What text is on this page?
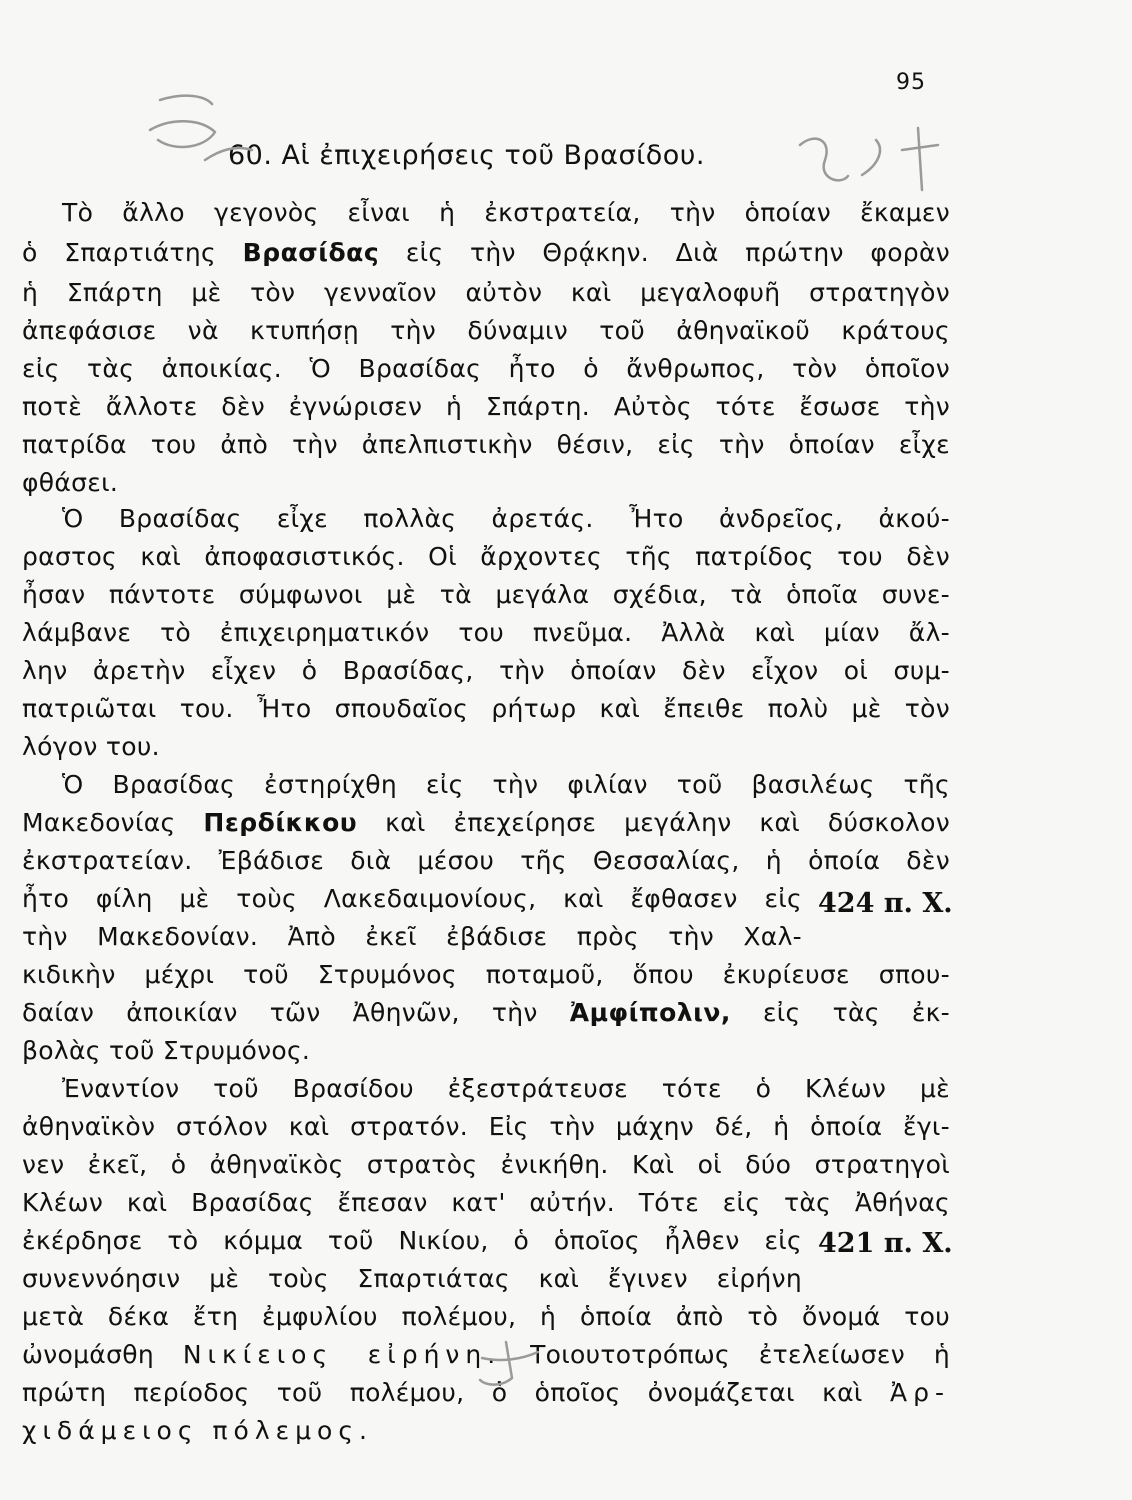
95
60. Αἱ ἐπιχειρήσεις τοῦ Βρασίδου.
Τὸ ἄλλο γεγονὸς εἶναι ἡ ἐκστρατεία, τὴν ὁποίαν ἔκαμεν
ὁ Σπαρτιάτης Βρασίδας εἰς τὴν Θρᾴκην. Διὰ πρώτην φορὰν
ἡ Σπάρτη μὲ τὸν γενναῖον αὐτὸν καὶ μεγαλοφυῆ στρατηγὸν
ἀπεφάσισε νὰ κτυπήσῃ τὴν δύναμιν τοῦ ἀθηναϊκοῦ κράτους
εἰς τὰς ἀποικίας. Ὁ Βρασίδας ἦτο ὁ ἄνθρωπος, τὸν ὁποῖον
ποτὲ ἄλλοτε δὲν ἐγνώρισεν ἡ Σπάρτη. Αὐτὸς τότε ἔσωσε τὴν
πατρίδα του ἀπὸ τὴν ἀπελπιστικὴν θέσιν, εἰς τὴν ὁποίαν εἶχε
φθάσει.
Ὁ Βρασίδας εἶχε πολλὰς ἀρετάς. Ἦτο ἀνδρεῖος, ἀκού-
ραστος καὶ ἀποφασιστικός. Οἱ ἄρχοντες τῆς πατρίδος του δὲν
ἦσαν πάντοτε σύμφωνοι μὲ τὰ μεγάλα σχέδια, τὰ ὁποῖα συνε-
λάμβανε τὸ ἐπιχειρηματικόν του πνεῦμα. Ἀλλὰ καὶ μίαν ἄλ-
λην ἀρετὴν εἶχεν ὁ Βρασίδας, τὴν ὁποίαν δὲν εἶχον οἱ συμ-
πατριῶται του. Ἦτο σπουδαῖος ρήτωρ καὶ ἔπειθε πολὺ μὲ τὸν
λόγον του.
Ὁ Βρασίδας ἐστηρίχθη εἰς τὴν φιλίαν τοῦ βασιλέως τῆς
Μακεδονίας Περδίκκου καὶ ἐπεχείρησε μεγάλην καὶ δύσκολον
ἐκστρατείαν. Ἐβάδισε διὰ μέσου τῆς Θεσσαλίας, ἡ ὁποία δὲν
ἦτο φίλη μὲ τοὺς Λακεδαιμονίους, καὶ ἔφθασεν εἰς
τὴν Μακεδονίαν. Ἀπὸ ἐκεῖ ἐβάδισε πρὸς τὴν Χαλ-
κιδικὴν μέχρι τοῦ Στρυμόνος ποταμοῦ, ὅπου ἐκυρίευσε σπου-
δαίαν ἀποικίαν τῶν Ἀθηνῶν, τὴν Ἀμφίπολιν, εἰς τὰς ἐκ-
βολὰς τοῦ Στρυμόνος.
Ἐναντίον τοῦ Βρασίδου ἐξεστράτευσε τότε ὁ Κλέων μὲ
ἀθηναϊκὸν στόλον καὶ στρατόν. Εἰς τὴν μάχην δέ, ἡ ὁποία ἔγι-
νεν ἐκεῖ, ὁ ἀθηναϊκὸς στρατὸς ἐνικήθη. Καὶ οἱ δύο στρατηγοὶ
Κλέων καὶ Βρασίδας ἔπεσαν κατ' αὐτήν. Τότε εἰς τὰς Ἀθήνας
ἐκέρδησε τὸ κόμμα τοῦ Νικίου, ὁ ὁποῖος ἦλθεν εἰς
συνεννόησιν μὲ τοὺς Σπαρτιάτας καὶ ἔγινεν εἰρήνη
μετὰ δέκα ἔτη ἐμφυλίου πολέμου, ἡ ὁποία ἀπὸ τὸ ὄνομά του
ὠνομάσθη Νικίειος εἰρήνη. Τοιουτοτρόπως ἐτελείωσεν ἡ
πρώτη περίοδος τοῦ πολέμου, ὁ ὁποῖος ὀνομάζεται καὶ Ἀρ-
χιδάμειος πόλεμος.
424 π. Χ.
421 π. Χ.
